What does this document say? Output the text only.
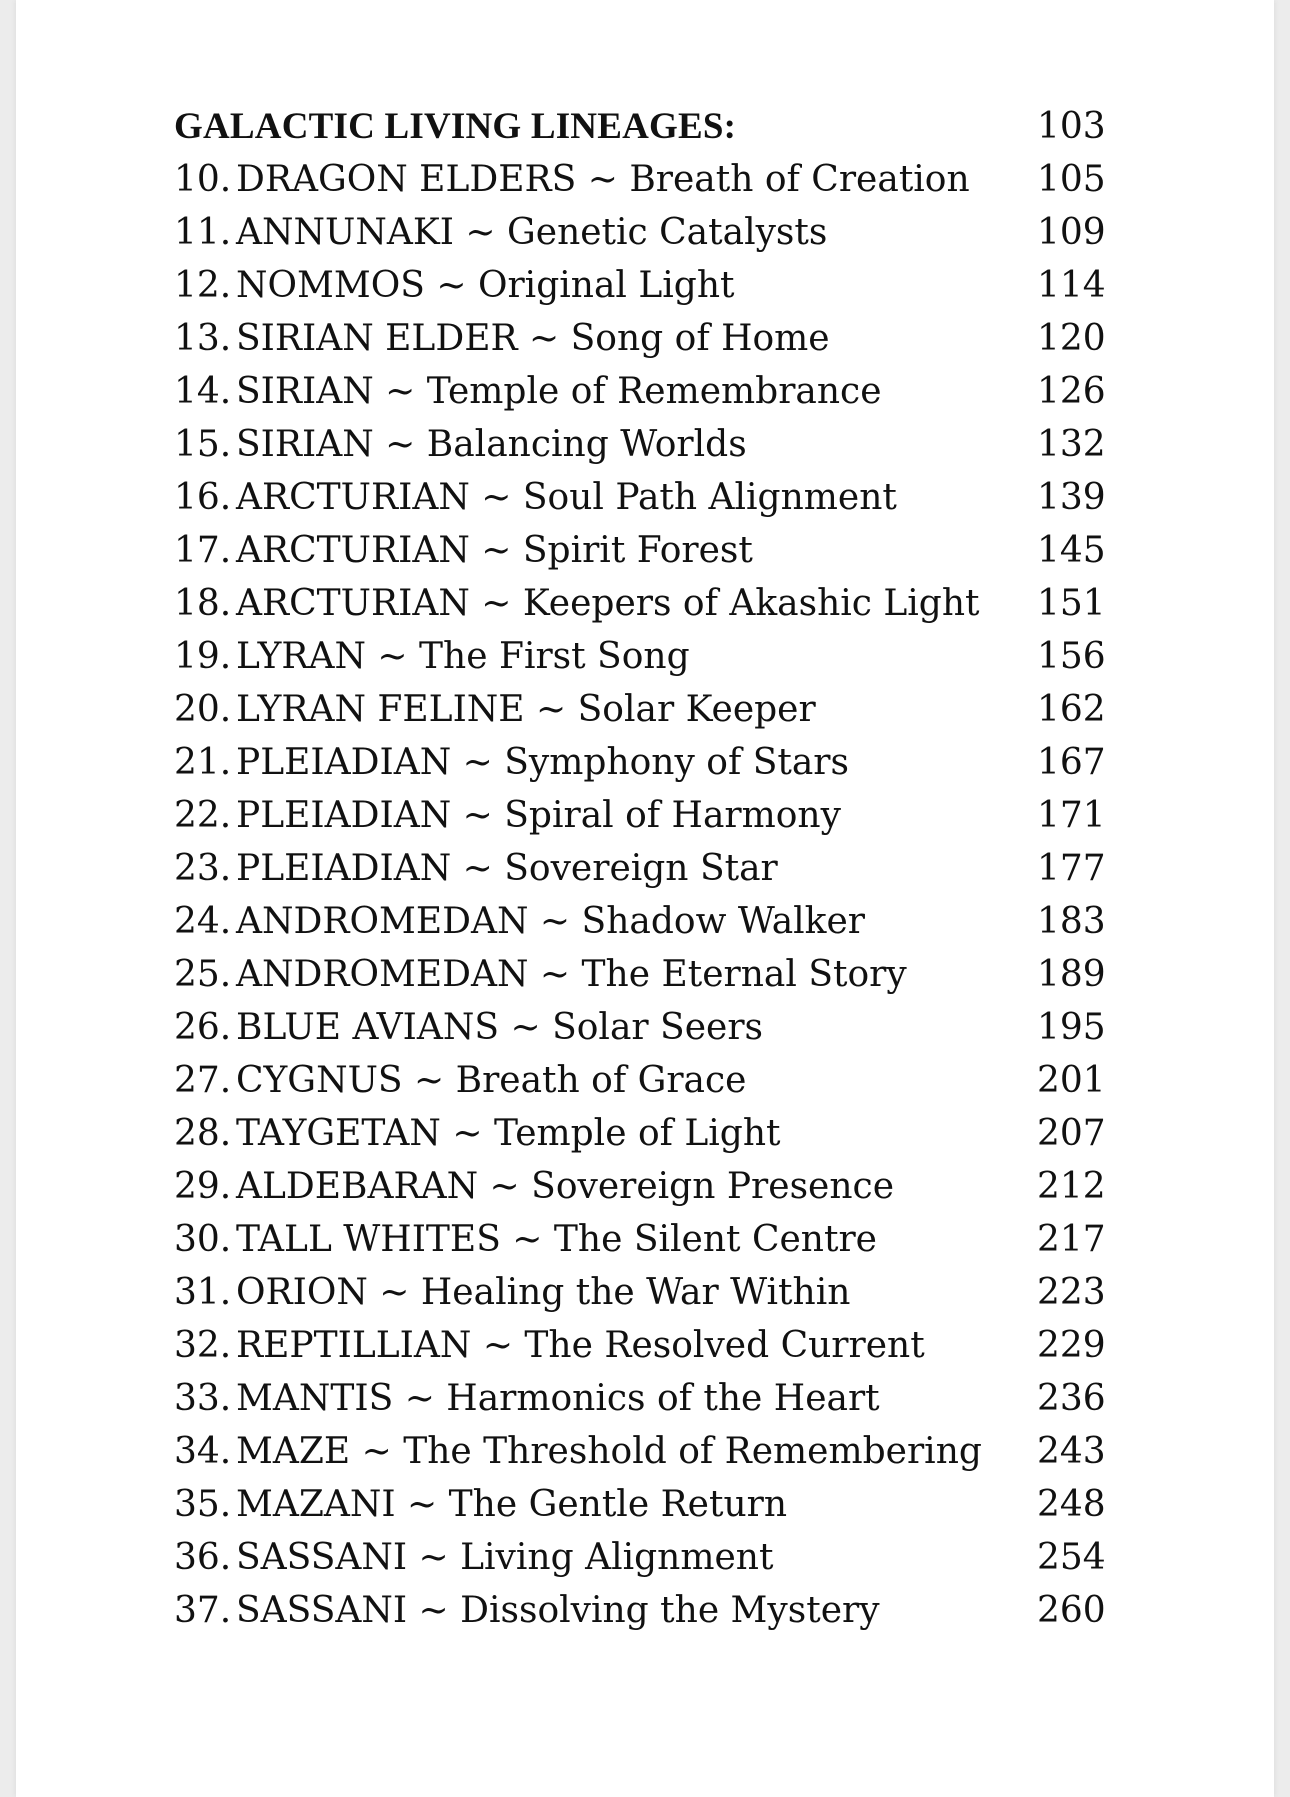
GALACTIC LIVING LINEAGES:	103
10. DRAGON ELDERS ~ Breath of Creation 105
11. ANNUNAKI ~ Genetic Catalysts	109
12. NOMMOS ~ Original Light	114
13. SIRIAN ELDER ~ Song of Home	120
14. SIRIAN ~ Temple of Remembrance	126
15. SIRIAN ~ Balancing Worlds	132
16. ARCTURIAN ~ Soul Path Alignment	139
17. ARCTURIAN ~ Spirit Forest	145
18. ARCTURIAN ~ Keepers of Akashic Light 151
19. LYRAN ~ The First Song	156
20. LYRAN FELINE ~ Solar Keeper	162
21. PLEIADIAN ~ Symphony of Stars	167
22. PLEIADIAN ~ Spiral of Harmony	171
23. PLEIADIAN ~ Sovereign Star	177
24. ANDROMEDAN ~ Shadow Walker	183
25. ANDROMEDAN ~ The Eternal Story	189
26. BLUE AVIANS ~ Solar Seers	195
27. CYGNUS ~ Breath of Grace	201
28. TAYGETAN ~ Temple of Light	207
29. ALDEBARAN ~ Sovereign Presence	212
30. TALL WHITES ~ The Silent Centre	217
31. ORION ~ Healing the War Within	223
32. REPTILLIAN ~ The Resolved Current	229
33. MANTIS ~ Harmonics of the Heart	236
34. MAZE ~ The Threshold of Remembering 243
35. MAZANI ~ The Gentle Return	248
36. SASSANI ~ Living Alignment	254
37. SASSANI ~ Dissolving the Mystery	260
